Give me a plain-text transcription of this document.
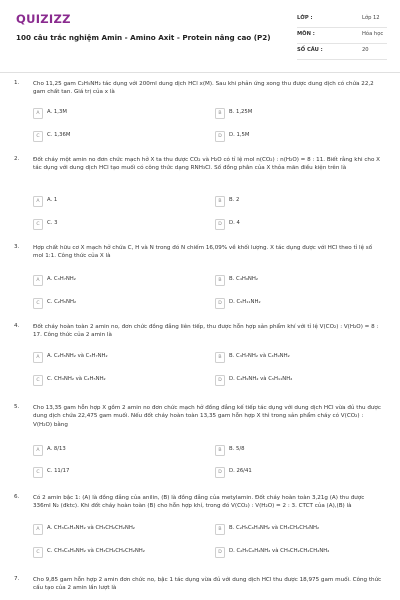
QUIZIZZ
100 câu trắc nghiệm Amin - Amino Axit - Protein nâng cao (P2)
LỚP :	Lớp 12
MÔN :	Hóa học
SỐ CÂU :	20
1. Cho 11,25 gam C₂H₅NH₂ tác dụng với 200ml dung dịch HCl x(M). Sau khi phản ứng xong thu được dung dịch có chứa 22,2 gam chất tan. Giá trị của x là
A	A. 1,3M	B	B. 1,25M
C	C. 1,36M	D	D. 1,5M
2. Đốt cháy một amin no đơn chức mạch hở X ta thu được CO₂ và H₂O có tỉ lệ mol n(CO₂) : n(H₂O) = 8 : 11. Biết rằng khi cho X tác dụng với dung dịch HCl tạo muối có công thức dạng RNH₃Cl. Số đồng phân của X thỏa mãn điều kiện trên là
A	A. 1	B	B. 2
C	C. 3	D	D. 4
3. Hợp chất hữu cơ X mạch hở chứa C, H và N trong đó N chiếm 16,09% về khối lượng. X tác dụng được với HCl theo tỉ lệ số mol 1:1. Công thức của X là
A	A. C₃H₇NH₂	B	B. C₄H₉NH₂
C	C. C₂H₅NH₂	D	D. C₅H₁₁NH₂
4. Đốt cháy hoàn toàn 2 amin no, đơn chức đồng đẳng liên tiếp, thu được hỗn hợp sản phẩm khí với tỉ lệ V(CO₂) : V(H₂O) = 8 : 17. Công thức của 2 amin là
A	A. C₂H₅NH₂ và C₃H₇NH₂	B	B. C₃H₇NH₂ và C₄H₉NH₂
C	C. CH₃NH₂ và C₂H₅NH₂	D	D. C₄H₉NH₂ và C₅H₁₁NH₂
5. Cho 13,35 gam hỗn hợp X gồm 2 amin no đơn chức mạch hở đồng đẳng kế tiếp tác dụng với dung dịch HCl vừa đủ thu được dung dịch chứa 22,475 gam muối. Nếu đốt cháy hoàn toàn 13,35 gam hỗn hợp X thì trong sản phẩm cháy có V(CO₂) : V(H₂O) bằng
A	A. 8/13	B	B. 5/8
C	C. 11/17	D	D. 26/41
6. Có 2 amin bậc 1: (A) là đồng đẳng của anilin, (B) là đồng đẳng của metylamin. Đốt cháy hoàn toàn 3,21g (A) thu được 336ml N₂ (đktc). Khi đốt cháy hoàn toàn (B) cho hỗn hợp khí, trong đó V(CO₂) : V(H₂O) = 2 : 3. CTCT của (A),(B) là
A	A. CH₃C₆H₄NH₂ và CH₃CH₂CH₂NH₂	B	B. C₂H₅C₆H₄NH₂ và CH₃CH₂CH₂NH₂
C	C. CH₃C₆H₄NH₂ và CH₃CH₂CH₂CH₂NH₂	D	D. C₂H₅C₆H₄NH₂ và CH₃CH₂CH₂CH₂NH₂
7. Cho 9,85 gam hỗn hợp 2 amin đơn chức no, bậc 1 tác dụng vừa đủ với dung dịch HCl thu được 18,975 gam muối. Công thức cấu tạo của 2 amin lần lượt là
